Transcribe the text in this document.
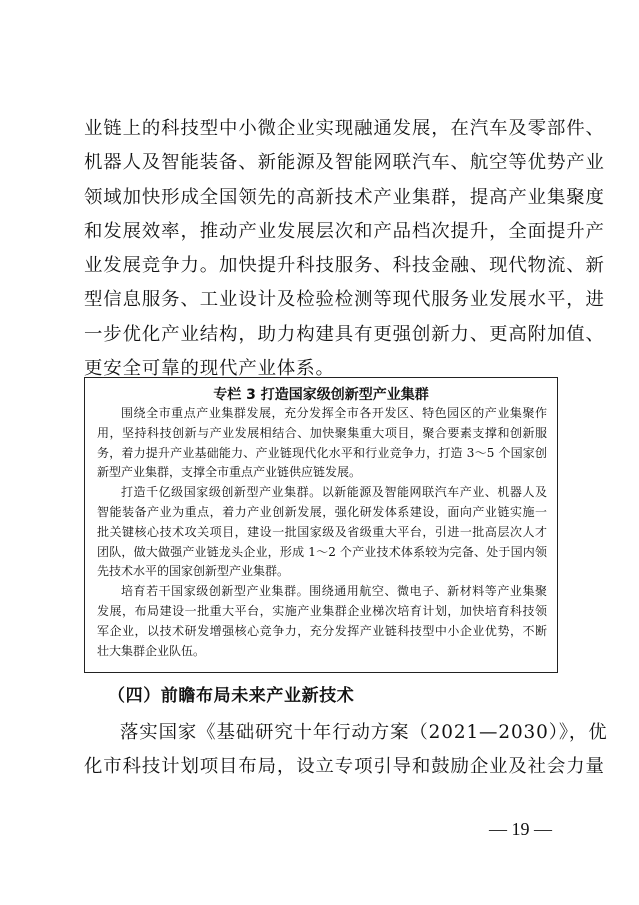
业链上的科技型中小微企业实现融通发展，在汽车及零部件、
机器人及智能装备、新能源及智能网联汽车、航空等优势产业
领域加快形成全国领先的高新技术产业集群，提高产业集聚度
和发展效率，推动产业发展层次和产品档次提升，全面提升产
业发展竞争力。加快提升科技服务、科技金融、现代物流、新
型信息服务、工业设计及检验检测等现代服务业发展水平，进
一步优化产业结构，助力构建具有更强创新力、更高附加值、
更安全可靠的现代产业体系。
专栏 3 打造国家级创新型产业集群
围绕全市重点产业集群发展，充分发挥全市各开发区、特色园区的产业集聚作
用，坚持科技创新与产业发展相结合、加快聚集重大项目，聚合要素支撑和创新服
务，着力提升产业基础能力、产业链现代化水平和行业竞争力，打造 3～5 个国家创
新型产业集群，支撑全市重点产业链供应链发展。
打造千亿级国家级创新型产业集群。以新能源及智能网联汽车产业、机器人及
智能装备产业为重点，着力产业创新发展，强化研发体系建设，面向产业链实施一
批关键核心技术攻关项目，建设一批国家级及省级重大平台，引进一批高层次人才
团队，做大做强产业链龙头企业，形成 1～2 个产业技术体系较为完备、处于国内领
先技术水平的国家创新型产业集群。
培育若干国家级创新型产业集群。围绕通用航空、微电子、新材料等产业集聚
发展，布局建设一批重大平台，实施产业集群企业梯次培育计划，加快培育科技领
军企业，以技术研发增强核心竞争力，充分发挥产业链科技型中小企业优势，不断
壮大集群企业队伍。
（四）前瞻布局未来产业新技术
落实国家《基础研究十年行动方案（2021—2030）》，优
化市科技计划项目布局，设立专项引导和鼓励企业及社会力量
— 19 —
